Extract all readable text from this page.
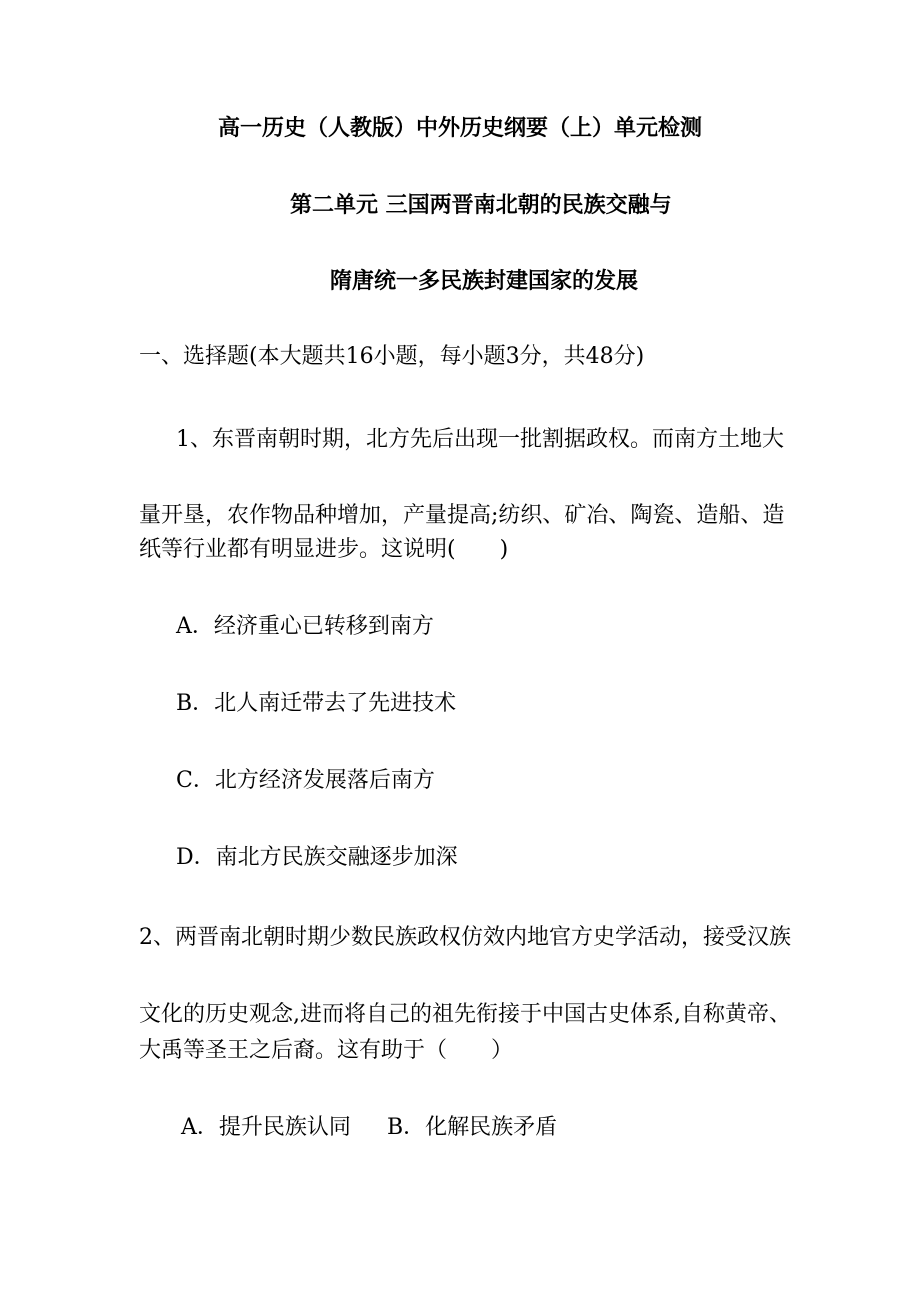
高一历史（人教版）中外历史纲要（上）单元检测
第二单元 三国两晋南北朝的民族交融与
隋唐统一多民族封建国家的发展
一、选择题(本大题共16小题，每小题3分，共48分)
1、东晋南朝时期，北方先后出现一批割据政权。而南方土地大
量开垦，农作物品种增加，产量提高;纺织、矿冶、陶瓷、造船、造
纸等行业都有明显进步。这说明(　　)
A．经济重心已转移到南方
B．北人南迁带去了先进技术
C．北方经济发展落后南方
D．南北方民族交融逐步加深
2、两晋南北朝时期少数民族政权仿效内地官方史学活动，接受汉族
文化的历史观念,进而将自己的祖先衔接于中国古史体系,自称黄帝、
大禹等圣王之后裔。这有助于（　　）
A．提升民族认同 B．化解民族矛盾
